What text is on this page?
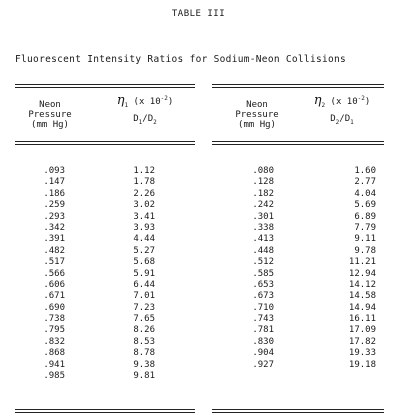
TABLE III
Fluorescent Intensity Ratios for Sodium-Neon Collisions
Neon
Pressure
(mm Hg)
$\eta_1$ (x $10^{-2}$)
$D_1/D_2$
.093	1.12
.147	1.78
.186	2.26
.259	3.02
.293	3.41
.342	3.93
.391	4.44
.482	5.27
.517	5.68
.566	5.91
.606	6.44
.671	7.01
.690	7.23
.738	7.65
.795	8.26
.832	8.53
.868	8.78
.941	9.38
.985	9.81
Neon
Pressure
(mm Hg)
$\eta_2$ (x $10^{-2}$)
$D_2/D_1$
.080	1.60
.128	2.77
.182	4.04
.242	5.69
.301	6.89
.338	7.79
.413	9.11
.448	9.78
.512	11.21
.585	12.94
.653	14.12
.673	14.58
.710	14.94
.743	16.11
.781	17.09
.830	17.82
.904	19.33
.927	19.18
